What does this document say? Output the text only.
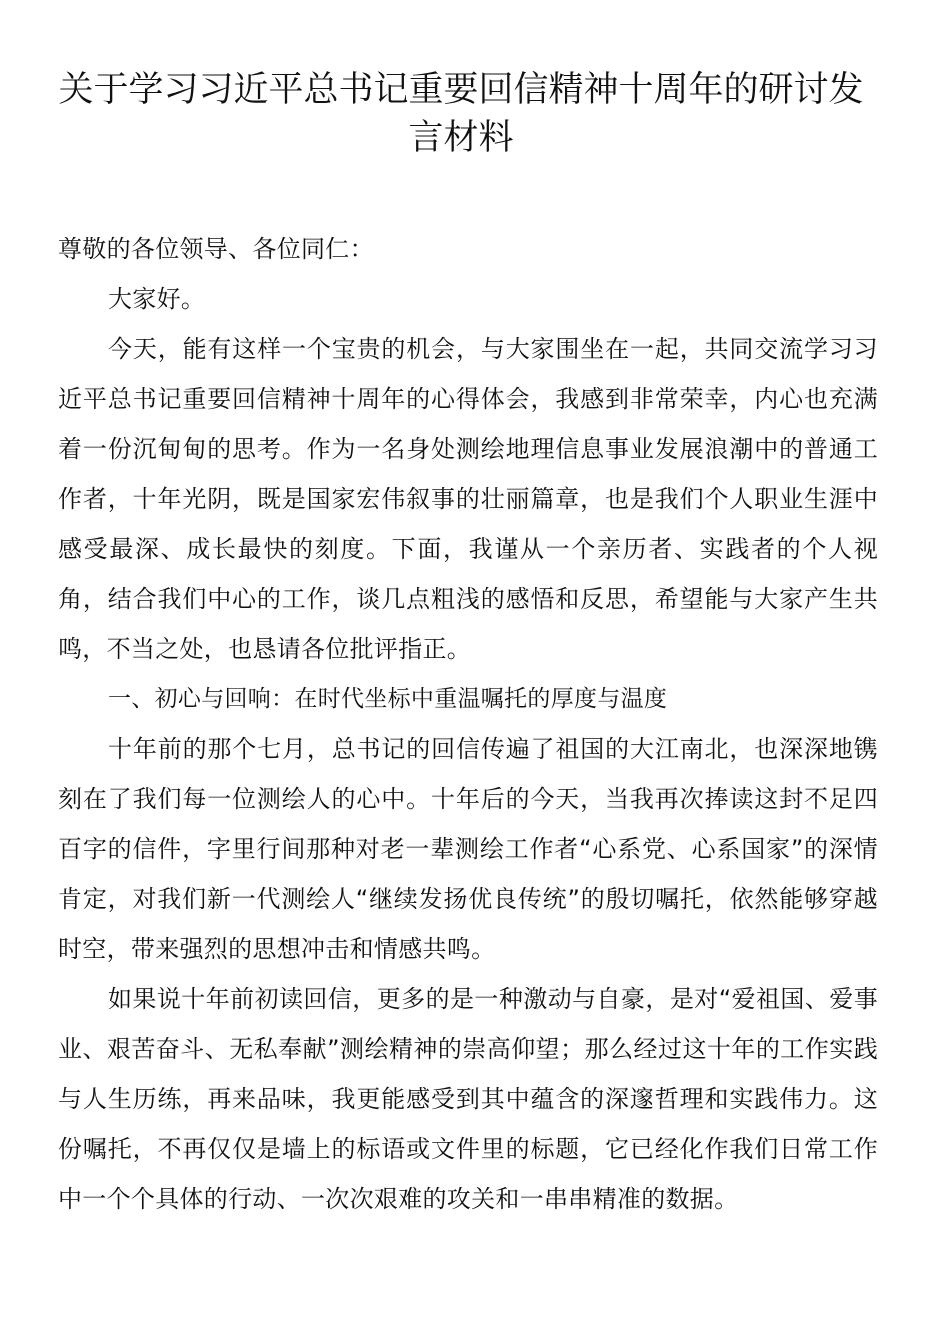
关于学习习近平总书记重要回信精神十周年的研讨发言材料

尊敬的各位领导、各位同仁：

大家好。

今天，能有这样一个宝贵的机会，与大家围坐在一起，共同交流学习习近平总书记重要回信精神十周年的心得体会，我感到非常荣幸，内心也充满着一份沉甸甸的思考。作为一名身处测绘地理信息事业发展浪潮中的普通工作者，十年光阴，既是国家宏伟叙事的壮丽篇章，也是我们个人职业生涯中感受最深、成长最快的刻度。下面，我谨从一个亲历者、实践者的个人视角，结合我们中心的工作，谈几点粗浅的感悟和反思，希望能与大家产生共鸣，不当之处，也恳请各位批评指正。

一、初心与回响：在时代坐标中重温嘱托的厚度与温度

十年前的那个七月，总书记的回信传遍了祖国的大江南北，也深深地镌刻在了我们每一位测绘人的心中。十年后的今天，当我再次捧读这封不足四百字的信件，字里行间那种对老一辈测绘工作者“心系党、心系国家”的深情肯定，对我们新一代测绘人“继续发扬优良传统”的殷切嘱托，依然能够穿越时空，带来强烈的思想冲击和情感共鸣。

如果说十年前初读回信，更多的是一种激动与自豪，是对“爱祖国、爱事业、艰苦奋斗、无私奉献”测绘精神的崇高仰望；那么经过这十年的工作实践与人生历练，再来品味，我更能感受到其中蕴含的深邃哲理和实践伟力。这份嘱托，不再仅仅是墙上的标语或文件里的标题，它已经化作我们日常工作中一个个具体的行动、一次次艰难的攻关和一串串精准的数据。
